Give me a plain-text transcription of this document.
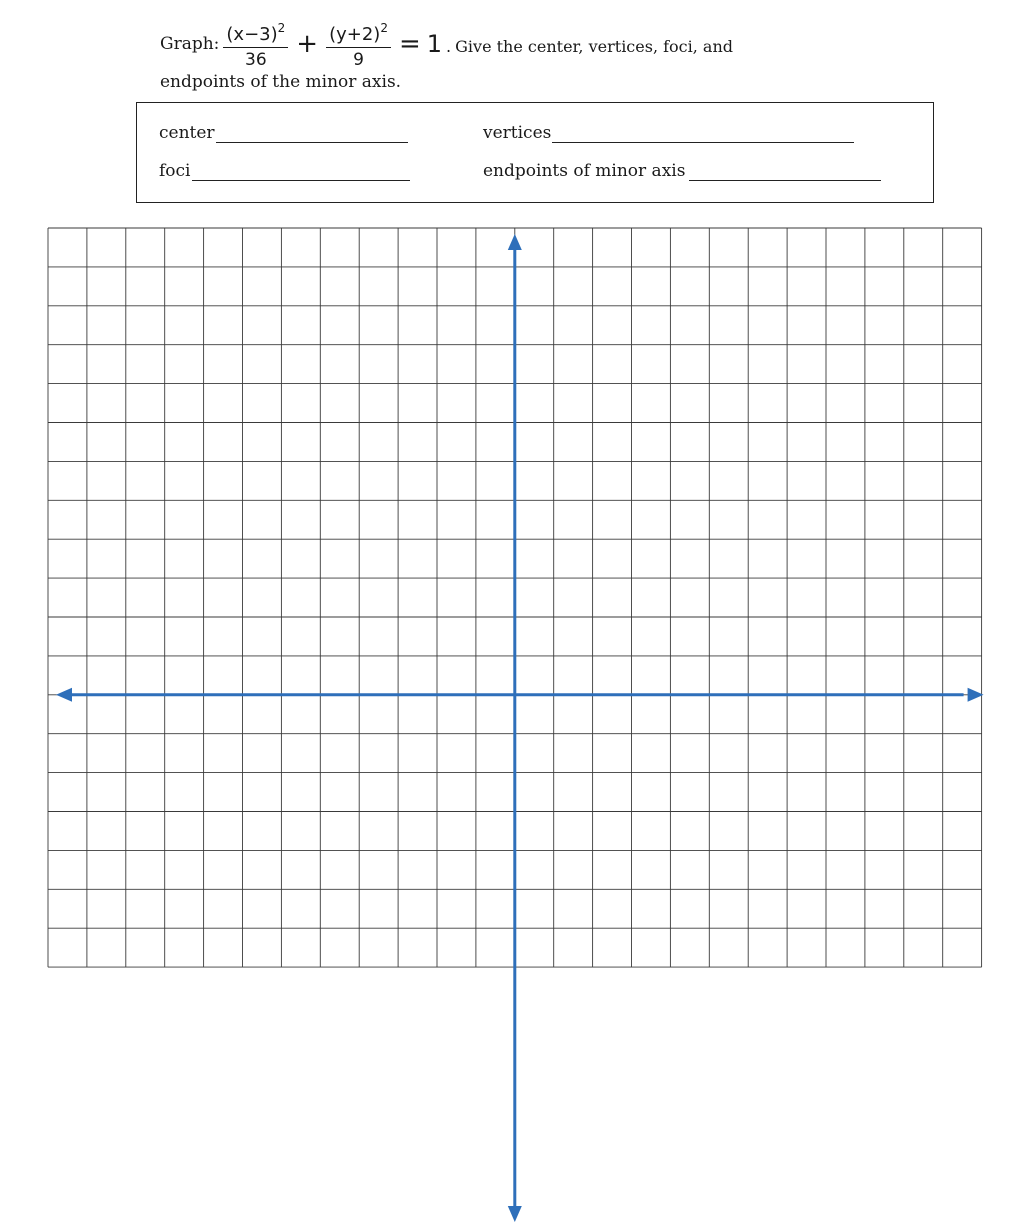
Graph: $\frac{(x-3)^2}{36} + \frac{(y+2)^2}{9} = 1$ . Give the center, vertices, foci, and
endpoints of the minor axis.
center	vertices
foci	endpoints of minor axis
